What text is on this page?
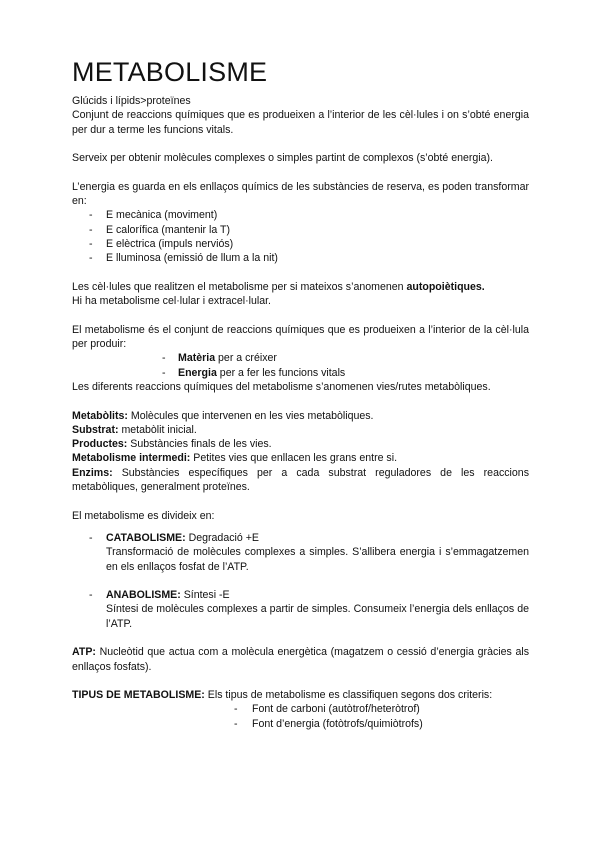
METABOLISME

Glúcids i lípids>proteïnes

Conjunt de reaccions químiques que es produeixen a l’interior de les cèl·lules i on s’obté energia per dur a terme les funcions vitals.

Serveix per obtenir molècules complexes o simples partint de complexos (s’obté energia).

L’energia es guarda en els enllaços químics de les substàncies de reserva, es poden transformar en:

- E mecànica (moviment)
- E calorífica (mantenir la T)
- E elèctrica (impuls nerviós)
- E lluminosa (emissió de llum a la nit)

Les cèl·lules que realitzen el metabolisme per si mateixos s’anomenen autopoiètiques.

Hi ha metabolisme cel·lular i extracel·lular.

El metabolisme és el conjunt de reaccions químiques que es produeixen a l’interior de la cèl·lula per produir:

- Matèria per a créixer
- Energia per a fer les funcions vitals

Les diferents reaccions químiques del metabolisme s’anomenen vies/rutes metabòliques.

Metabòlits: Molècules que intervenen en les vies metabòliques.

Substrat: metabòlit inicial.

Productes: Substàncies finals de les vies.

Metabolisme intermedi: Petites vies que enllacen les grans entre si.

Enzims: Substàncies específiques per a cada substrat reguladores de les reaccions metabòliques, generalment proteïnes.

El metabolisme es divideix en:

- CATABOLISME: Degradació +E

Transformació de molècules complexes a simples. S’allibera energia i s’emmagatzemen en els enllaços fosfat de l’ATP.

- ANABOLISME: Síntesi -E

Síntesi de molècules complexes a partir de simples. Consumeix l’energia dels enllaços de l’ATP.

ATP: Nucleòtid que actua com a molècula energètica (magatzem o cessió d’energia gràcies als enllaços fosfats).

TIPUS DE METABOLISME: Els tipus de metabolisme es classifiquen segons dos criteris:

- Font de carboni (autòtrof/heteròtrof)
- Font d’energia (fotòtrofs/quimiòtrofs)
